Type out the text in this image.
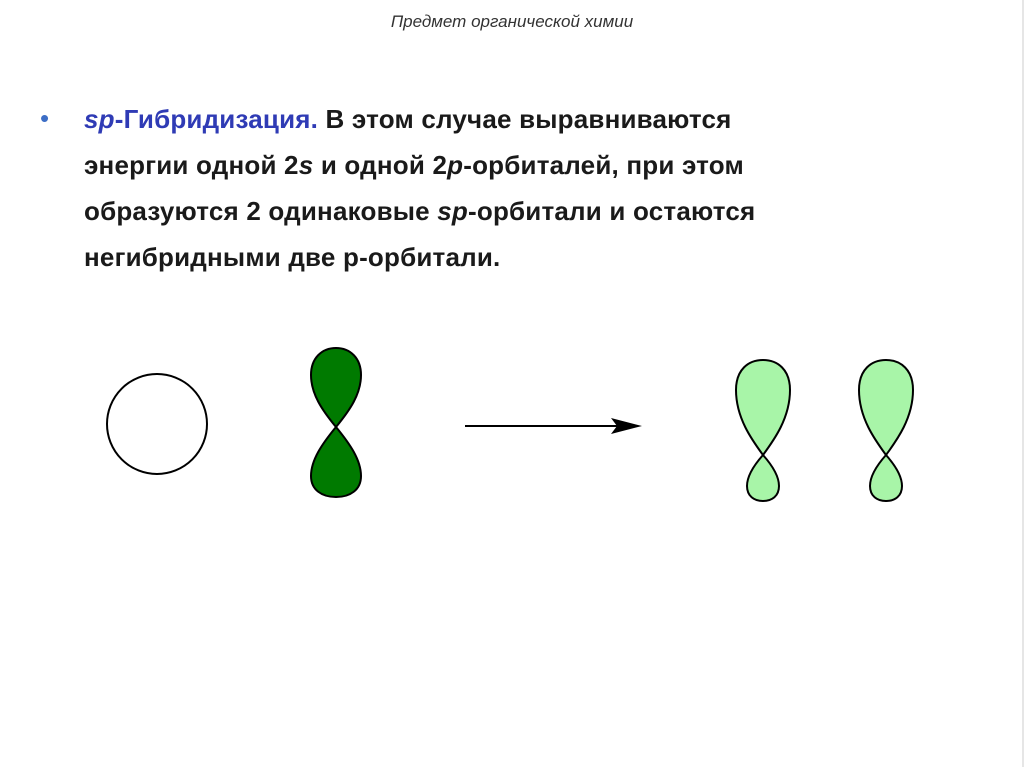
Предмет органической химии
• sp-Гибридизация. В этом случае выравниваются
энергии одной 2s и одной 2p-орбиталей, при этом
образуются 2 одинаковые sp-орбитали и остаются
негибридными две р-орбитали.
